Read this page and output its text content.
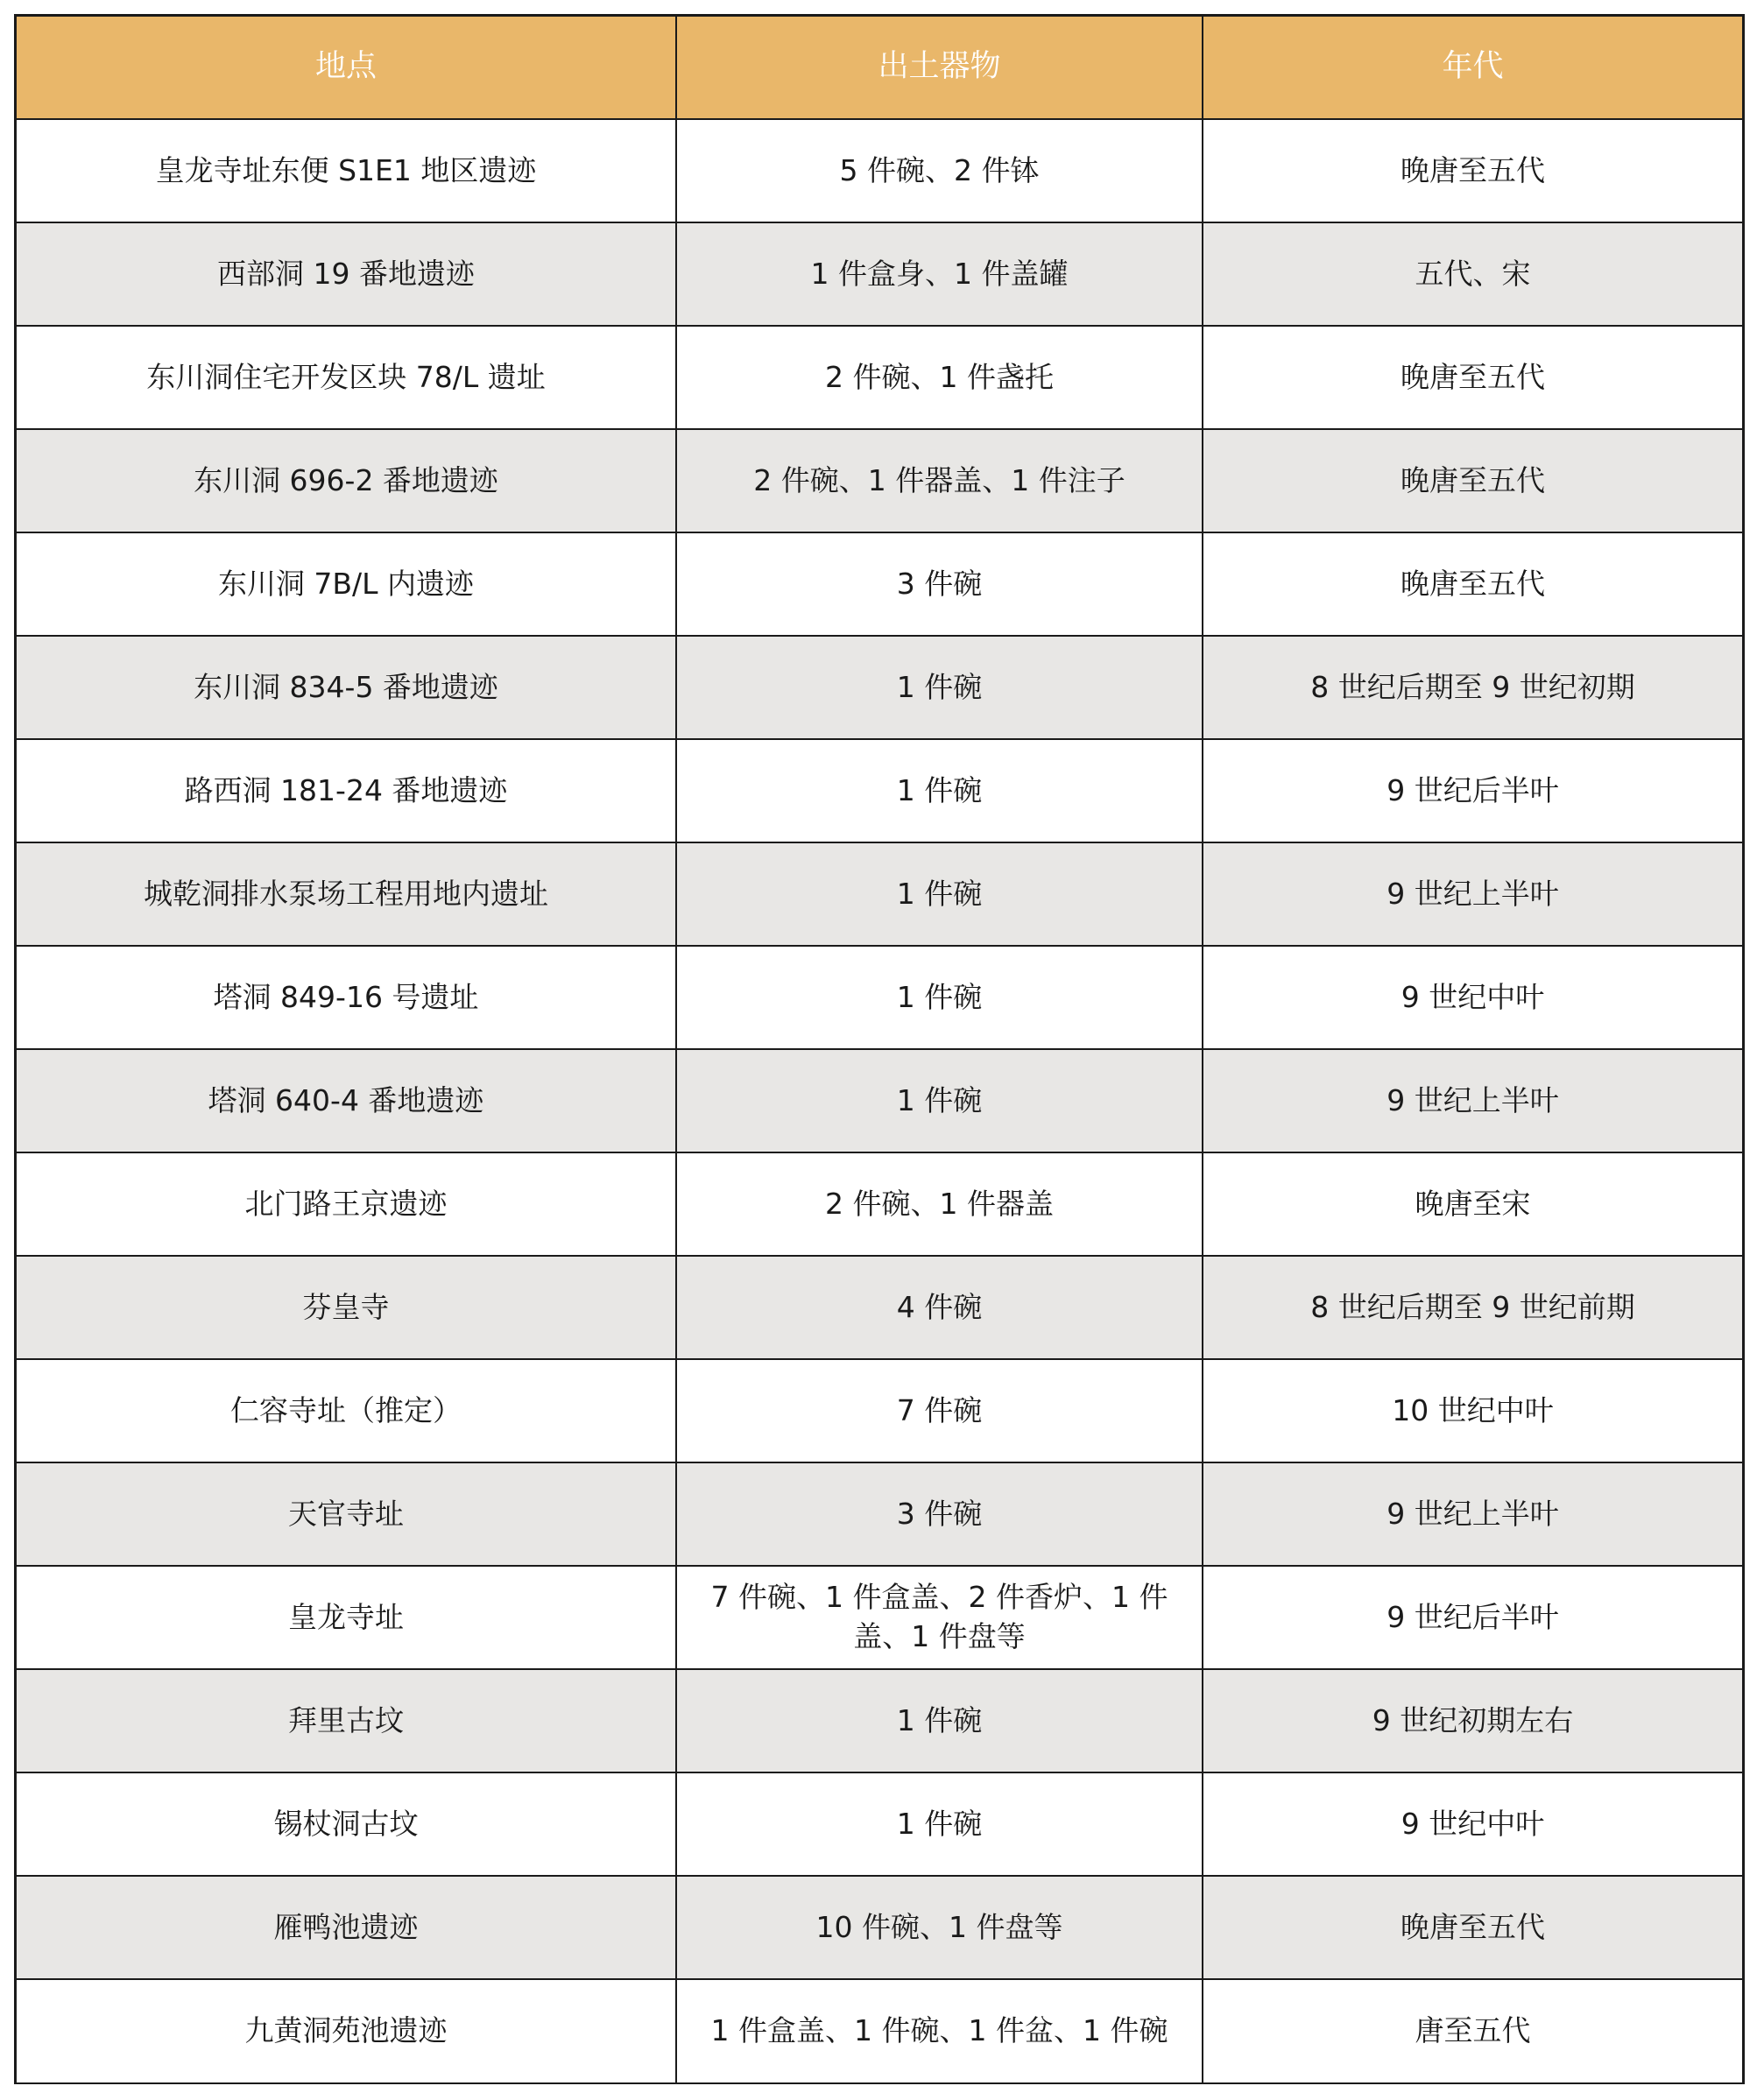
地点	出土器物	年代
皇龙寺址东便 S1E1 地区遗迹	5 件碗、2 件钵	晚唐至五代
西部洞 19 番地遗迹	1 件盒身、1 件盖罐	五代、宋
东川洞住宅开发区块 78/L 遗址	2 件碗、1 件盏托	晚唐至五代
东川洞 696-2 番地遗迹	2 件碗、1 件器盖、1 件注子	晚唐至五代
东川洞 7B/L 内遗迹	3 件碗	晚唐至五代
东川洞 834-5 番地遗迹	1 件碗	8 世纪后期至 9 世纪初期
路西洞 181-24 番地遗迹	1 件碗	9 世纪后半叶
城乾洞排水泵场工程用地内遗址	1 件碗	9 世纪上半叶
塔洞 849-16 号遗址	1 件碗	9 世纪中叶
塔洞 640-4 番地遗迹	1 件碗	9 世纪上半叶
北门路王京遗迹	2 件碗、1 件器盖	晚唐至宋
芬皇寺	4 件碗	8 世纪后期至 9 世纪前期
仁容寺址（推定）	7 件碗	10 世纪中叶
天官寺址	3 件碗	9 世纪上半叶
皇龙寺址	7 件碗、1 件盒盖、2 件香炉、1 件盖、1 件盘等	9 世纪后半叶
拜里古坟	1 件碗	9 世纪初期左右
锡杖洞古坟	1 件碗	9 世纪中叶
雁鸭池遗迹	10 件碗、1 件盘等	晚唐至五代
九黄洞苑池遗迹	1 件盒盖、1 件碗、1 件盆、1 件碗	唐至五代
